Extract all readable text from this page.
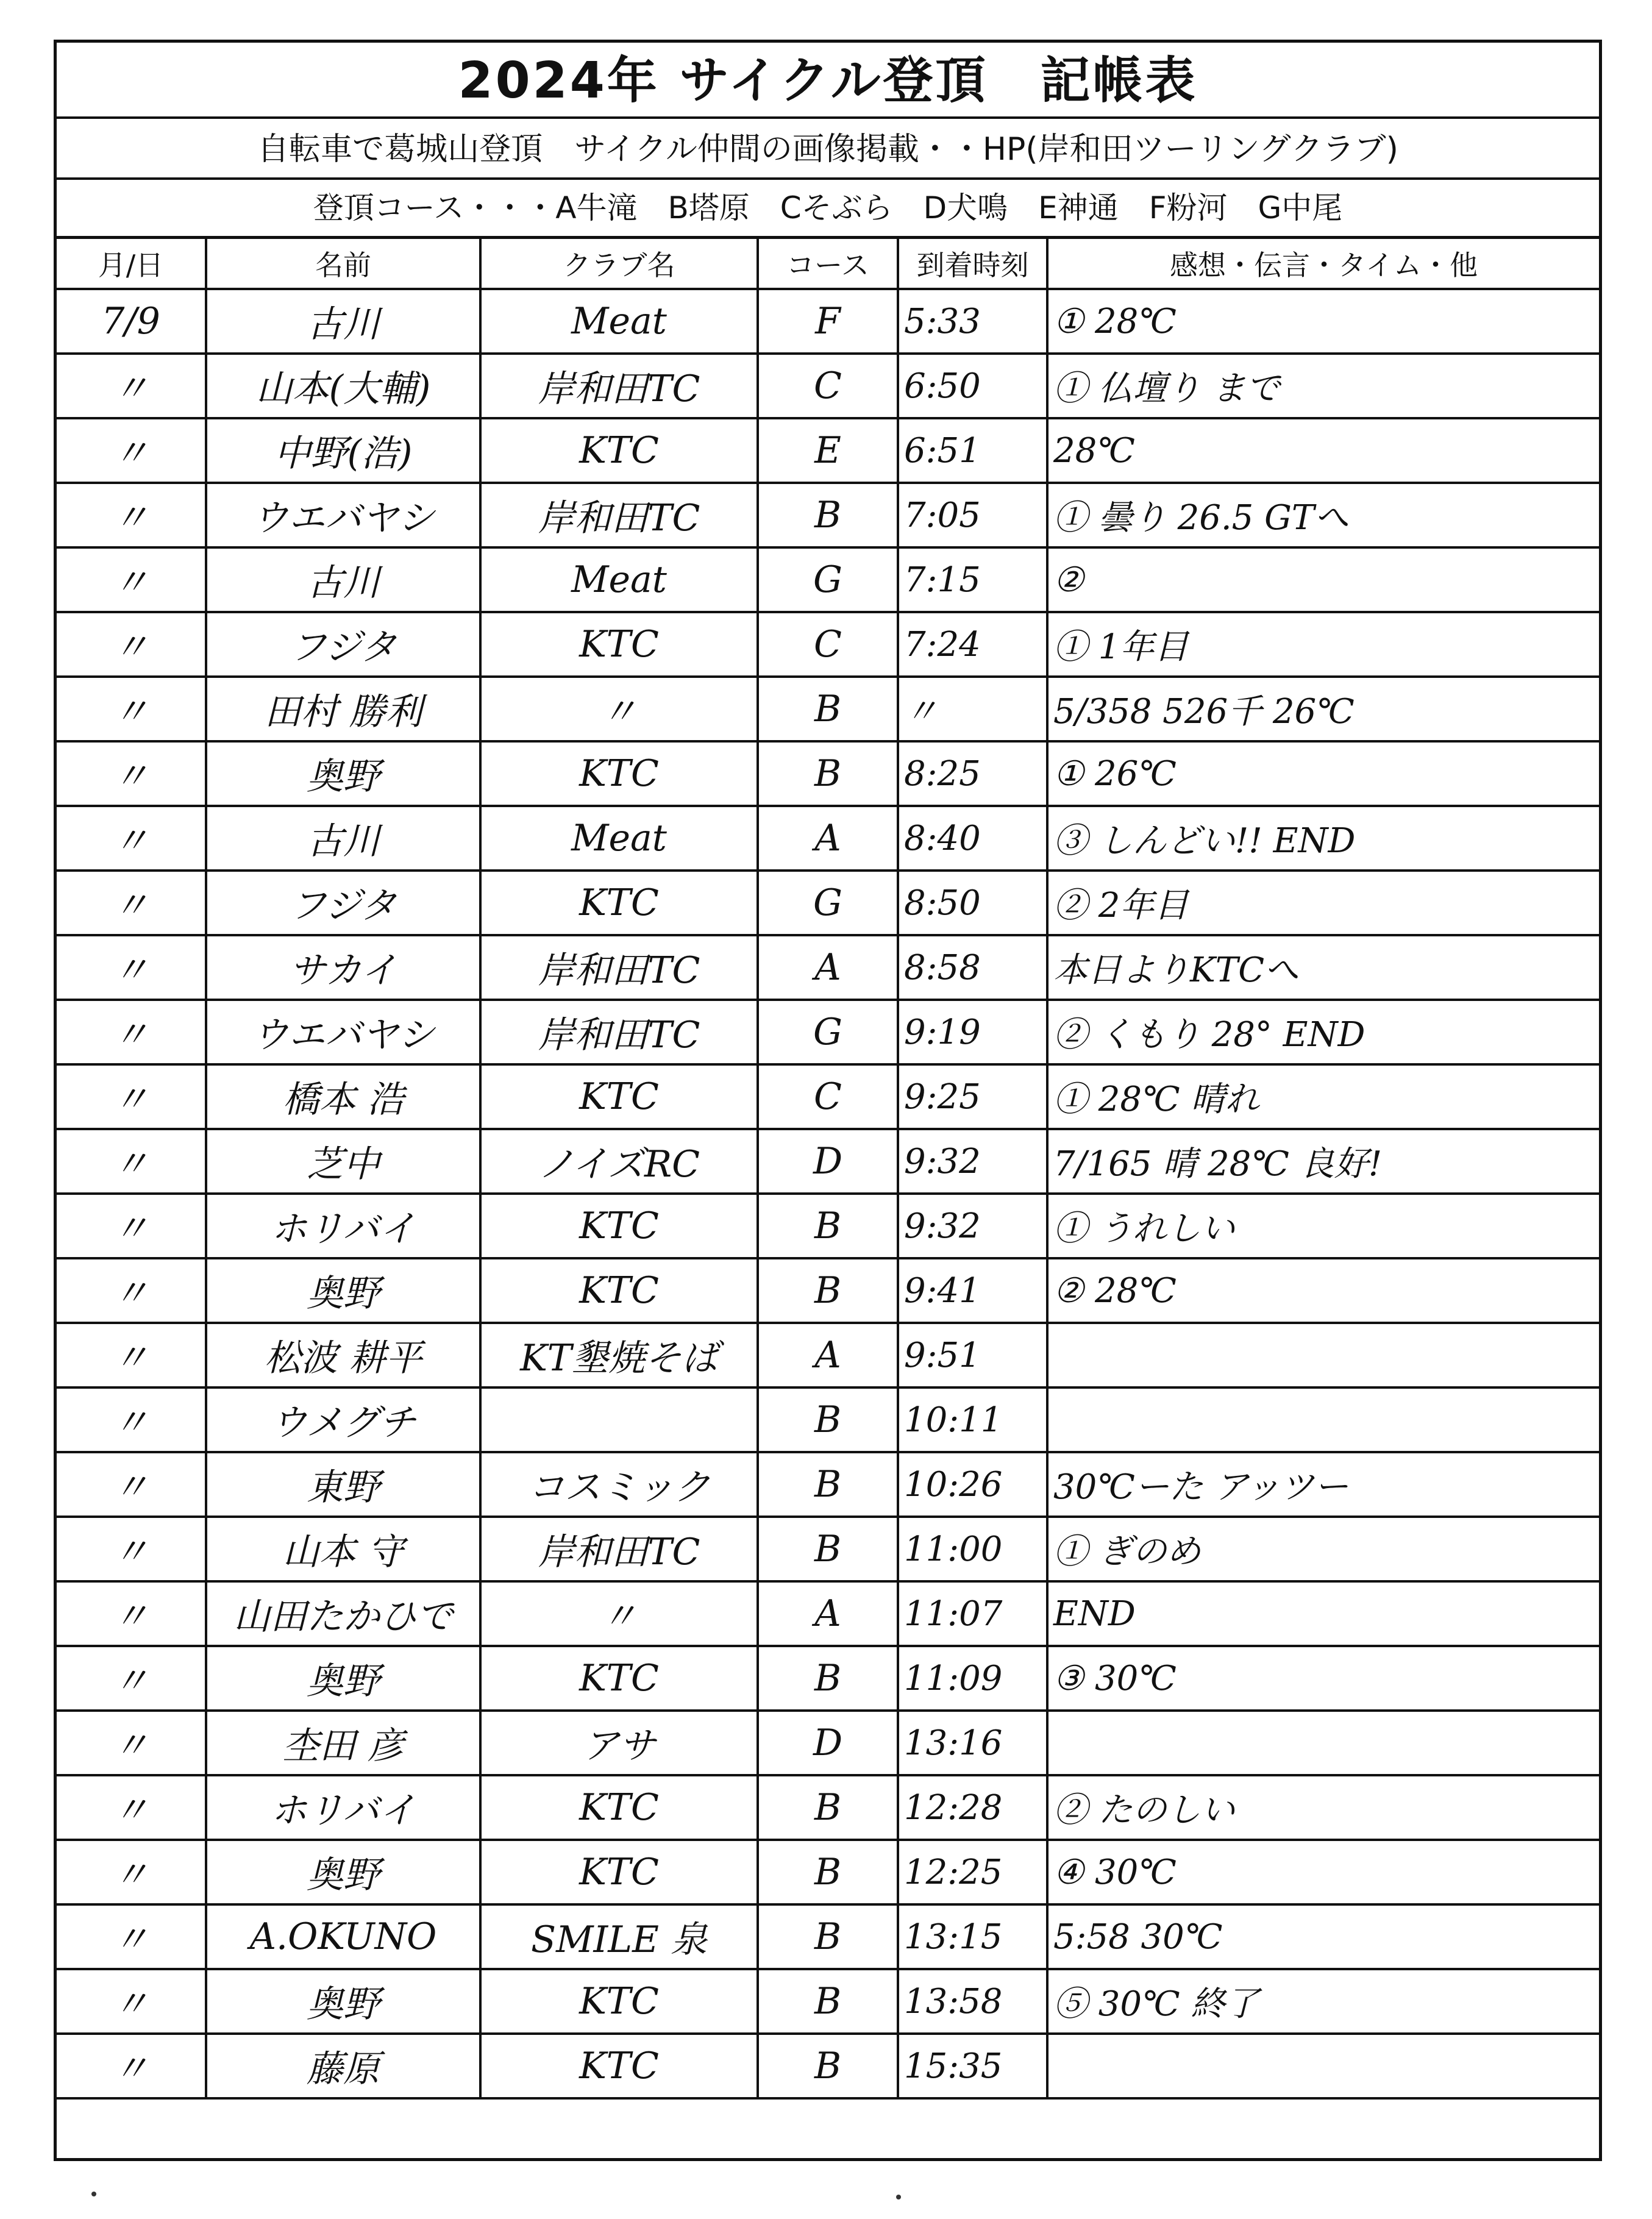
2024年 サイクル登頂　記帳表
自転車で葛城山登頂　サイクル仲間の画像掲載・・HP(岸和田ツーリングクラブ)
登頂コース・・・A牛滝　B塔原　Cそぶら　D犬鳴　E神通　F粉河　G中尾
月/日	名前	クラブ名	コース	到着時刻	感想・伝言・タイム・他
7/9	古川	Meat	F	5:33	① 28℃
〃	山本(大輔)	岸和田TC	C	6:50	① 仏壇り まで
〃	中野(浩)	KTC	E	6:51	28℃
〃	ウエバヤシ	岸和田TC	B	7:05	① 曇り 26.5 GTへ
〃	古川	Meat	G	7:15	②
〃	フジタ	KTC	C	7:24	① 1年目
〃	田村 勝利	〃	B	〃	5/358 526千 26℃
〃	奥野	KTC	B	8:25	① 26℃
〃	古川	Meat	A	8:40	③ しんどい!! END
〃	フジタ	KTC	G	8:50	② 2年目
〃	サカイ	岸和田TC	A	8:58	本日よりKTCへ
〃	ウエバヤシ	岸和田TC	G	9:19	② くもり 28° END
〃	橋本 浩	KTC	C	9:25	① 28℃ 晴れ
〃	芝中	ノイズRC	D	9:32	7/165 晴 28℃ 良好!
〃	ホリバイ	KTC	B	9:32	① うれしい
〃	奥野	KTC	B	9:41	② 28℃
〃	松波 耕平	KT墾焼そば	A	9:51	
〃	ウメグチ		B	10:11	
〃	東野	コスミック	B	10:26	30℃ーた アッツー
〃	山本 守	岸和田TC	B	11:00	① ぎのめ
〃	山田たかひで	〃	A	11:07	END
〃	奥野	KTC	B	11:09	③ 30℃
〃	杢田 彦	アサ	D	13:16	
〃	ホリバイ	KTC	B	12:28	② たのしい
〃	奥野	KTC	B	12:25	④ 30℃
〃	A.OKUNO	SMILE 泉	B	13:15	5:58 30℃
〃	奥野	KTC	B	13:58	⑤ 30℃ 終了
〃	藤原	KTC	B	15:35	
